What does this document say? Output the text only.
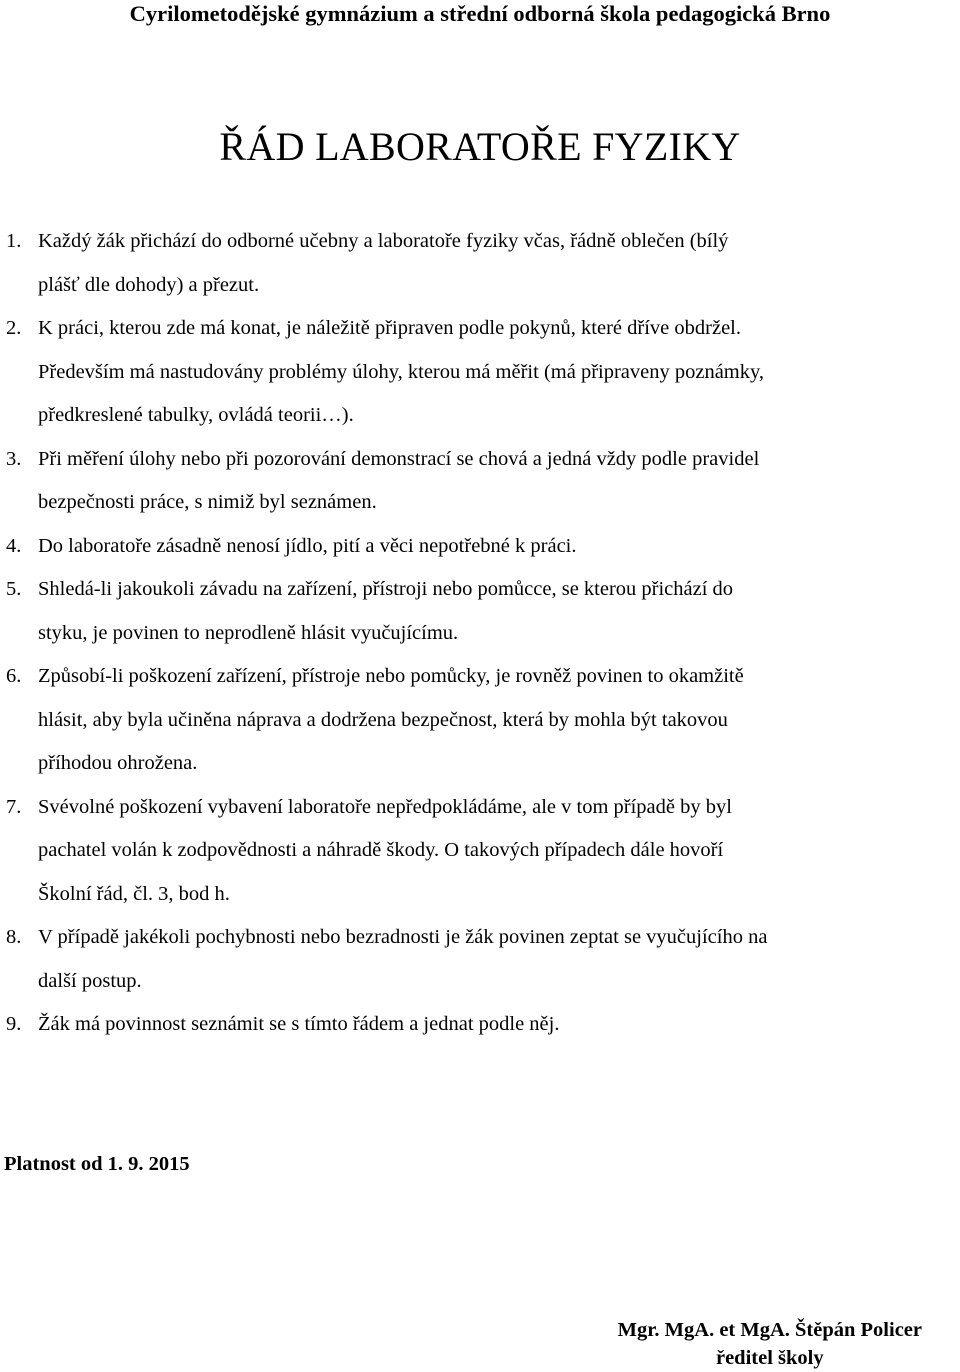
Cyrilometodějské gymnázium a střední odborná škola pedagogická Brno
ŘÁD LABORATOŘE FYZIKY
1. Každý žák přichází do odborné učebny a laboratoře fyziky včas, řádně oblečen (bílý
plášť dle dohody) a přezut.
2. K práci, kterou zde má konat, je náležitě připraven podle pokynů, které dříve obdržel.
Především má nastudovány problémy úlohy, kterou má měřit (má připraveny poznámky,
předkreslené tabulky, ovládá teorii…).
3. Při měření úlohy nebo při pozorování demonstrací se chová a jedná vždy podle pravidel
bezpečnosti práce, s nimiž byl seznámen.
4. Do laboratoře zásadně nenosí jídlo, pití a věci nepotřebné k práci.
5. Shledá-li jakoukoli závadu na zařízení, přístroji nebo pomůcce, se kterou přichází do
styku, je povinen to neprodleně hlásit vyučujícímu.
6. Způsobí-li poškození zařízení, přístroje nebo pomůcky, je rovněž povinen to okamžitě
hlásit, aby byla učiněna náprava a dodržena bezpečnost, která by mohla být takovou
příhodou ohrožena.
7. Svévolné poškození vybavení laboratoře nepředpokládáme, ale v tom případě by byl
pachatel volán k zodpovědnosti a náhradě škody. O takových případech dále hovoří
Školní řád, čl. 3, bod h.
8. V případě jakékoli pochybnosti nebo bezradnosti je žák povinen zeptat se vyučujícího na
další postup.
9. Žák má povinnost seznámit se s tímto řádem a jednat podle něj.
Platnost od 1. 9. 2015
Mgr. MgA. et MgA. Štěpán Policer
ředitel školy
